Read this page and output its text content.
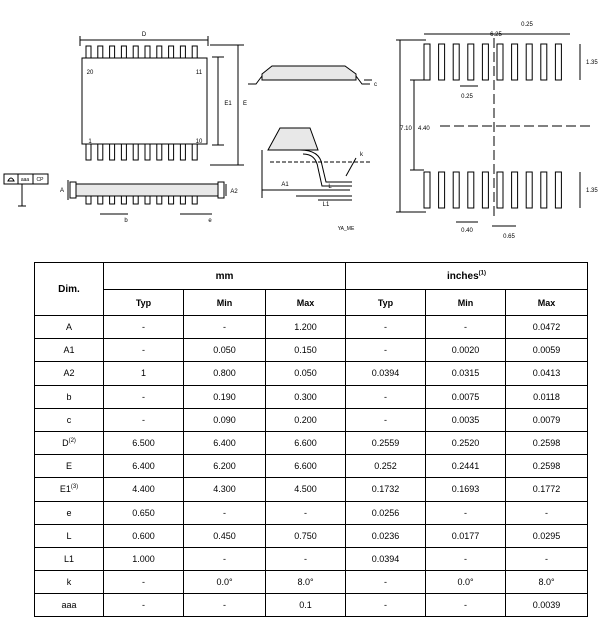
D
20	11
1	10
E1 E
aaa CP
A	A2
b	e
c
A1	L
L1
k
YA_ME
0.25
6.25
1.35
0.25
7.10 4.40
1.35
0.40
0.65
Dim.	mm			inches$^{(1)}$
	Typ	Min	Max	Typ	Min	Max
A	-	-	1.200	-	-	0.0472
A1	-	0.050	0.150	-	0.0020	0.0059
A2	1	0.800	0.050	0.0394	0.0315	0.0413
b	-	0.190	0.300	-	0.0075	0.0118
c	-	0.090	0.200	-	0.0035	0.0079
$D^{(2)}$	6.500	6.400	6.600	0.2559	0.2520	0.2598
E	6.400	6.200	6.600	0.252	0.2441	0.2598
E1$^{(3)}$	4.400	4.300	4.500	0.1732	0.1693	0.1772
e	0.650	-	-	0.0256	-	-
L	0.600	0.450	0.750	0.0236	0.0177	0.0295
L1	1.000	-	-	0.0394	-	-
k	-	0.0°	8.0°	-	0.0°	8.0°
aaa	-	-	0.1	-	-	0.0039
